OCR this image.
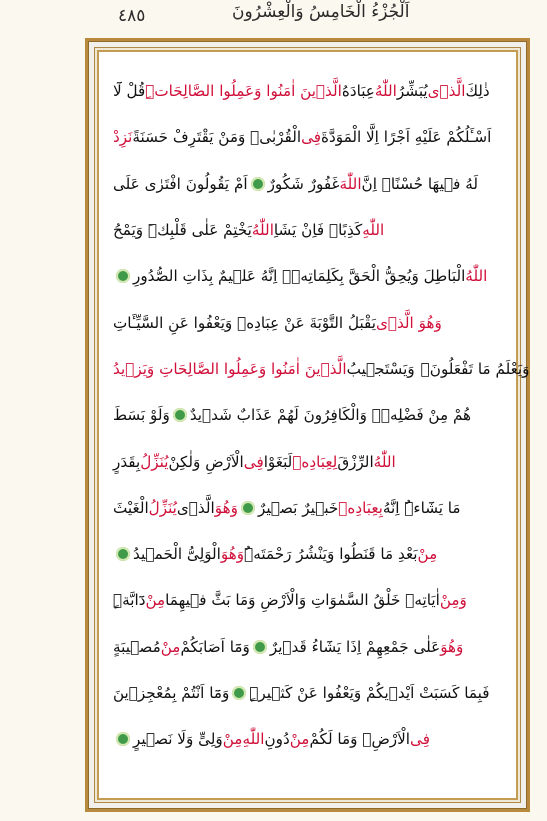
٤٨٥	اَلْجُزْءُ الْخَامِسُ وَالْعِشْرُونَ
ذٰلِكَ
الَّذ۪ى
يُبَشِّرُ
اللّٰهُ
عِبَادَهُ
الَّذ۪ينَ اٰمَنُوا وَعَمِلُوا الصَّالِحَاتِۜ
قُلْ لَٓا
اَسْـَٔلُكُمْ عَلَيْهِ اَجْرًا اِلَّا الْمَوَدَّةَ
فِى
الْقُرْبٰىۜ وَمَنْ يَقْتَرِفْ حَسَنَةً
نَزِدْ
لَهُ ف۪يهَا حُسْنًاۜ اِنَّ
اللّٰهَ
غَفُورٌ شَكُورٌ
اَمْ يَقُولُونَ افْتَرٰى عَلَى
اللّٰهِ
كَذِبًاۚ فَاِنْ يَشَاِ
اللّٰهُ
يَخْتِمْ عَلٰى قَلْبِكَۜ وَيَمْحُ
اللّٰهُ
الْبَاطِلَ وَيُحِقُّ الْحَقَّ بِكَلِمَاتِه۪ۜ اِنَّهُ عَل۪يمٌ بِذَاتِ الصُّدُورِ
وَهُوَ الَّذ۪ى
يَقْبَلُ التَّوْبَةَ عَنْ عِبَادِه۪ وَيَعْفُوا عَنِ السَّيِّـَٔاتِ
وَيَعْلَمُ مَا تَفْعَلُونَۙ
وَيَسْتَج۪يبُ
الَّذ۪ينَ اٰمَنُوا وَعَمِلُوا الصَّالِحَاتِ وَيَز۪يدُ
هُمْ مِنْ فَضْلِه۪ۜ وَالْكَافِرُونَ لَهُمْ عَذَابٌ شَد۪يدٌ
وَلَوْ بَسَطَ
اللّٰهُ
الرِّزْقَ
لِعِبَادِه۪
لَبَغَوْا
فِى
الْاَرْضِ وَلٰكِنْ
يُنَزِّلُ
بِقَدَرٍ
مَا يَشَٓاءُۜ اِنَّهُ
بِعِبَادِه۪
خَب۪يرٌ بَص۪يرٌ
وَهُوَ
الَّذ۪ى
يُنَزِّلُ
الْغَيْثَ
مِنْ
بَعْدِ مَا قَنَطُوا وَيَنْشُرُ رَحْمَتَهُۜ
وَهُوَ
الْوَلِىُّ الْحَم۪يدُ
وَمِنْ
اٰيَاتِه۪ خَلْقُ السَّمٰوَاتِ وَالْاَرْضِ وَمَا بَثَّ ف۪يهِمَا
مِنْ
دَٓابَّةٍۜ
وَهُوَ
عَلٰى جَمْعِهِمْ اِذَا يَشَٓاءُ قَد۪يرٌ
وَمَٓا اَصَابَكُمْ
مِنْ
مُص۪يبَةٍ
فَبِمَا كَسَبَتْ اَيْد۪يكُمْ وَيَعْفُوا عَنْ كَث۪يرٍۜ
وَمَٓا اَنْتُمْ بِمُعْجِز۪ينَ
فِى
الْاَرْضِۚ وَمَا لَكُمْ
مِنْ
دُونِ
اللّٰهِ
مِنْ
وَلِىٍّ وَلَا نَص۪يرٍ
